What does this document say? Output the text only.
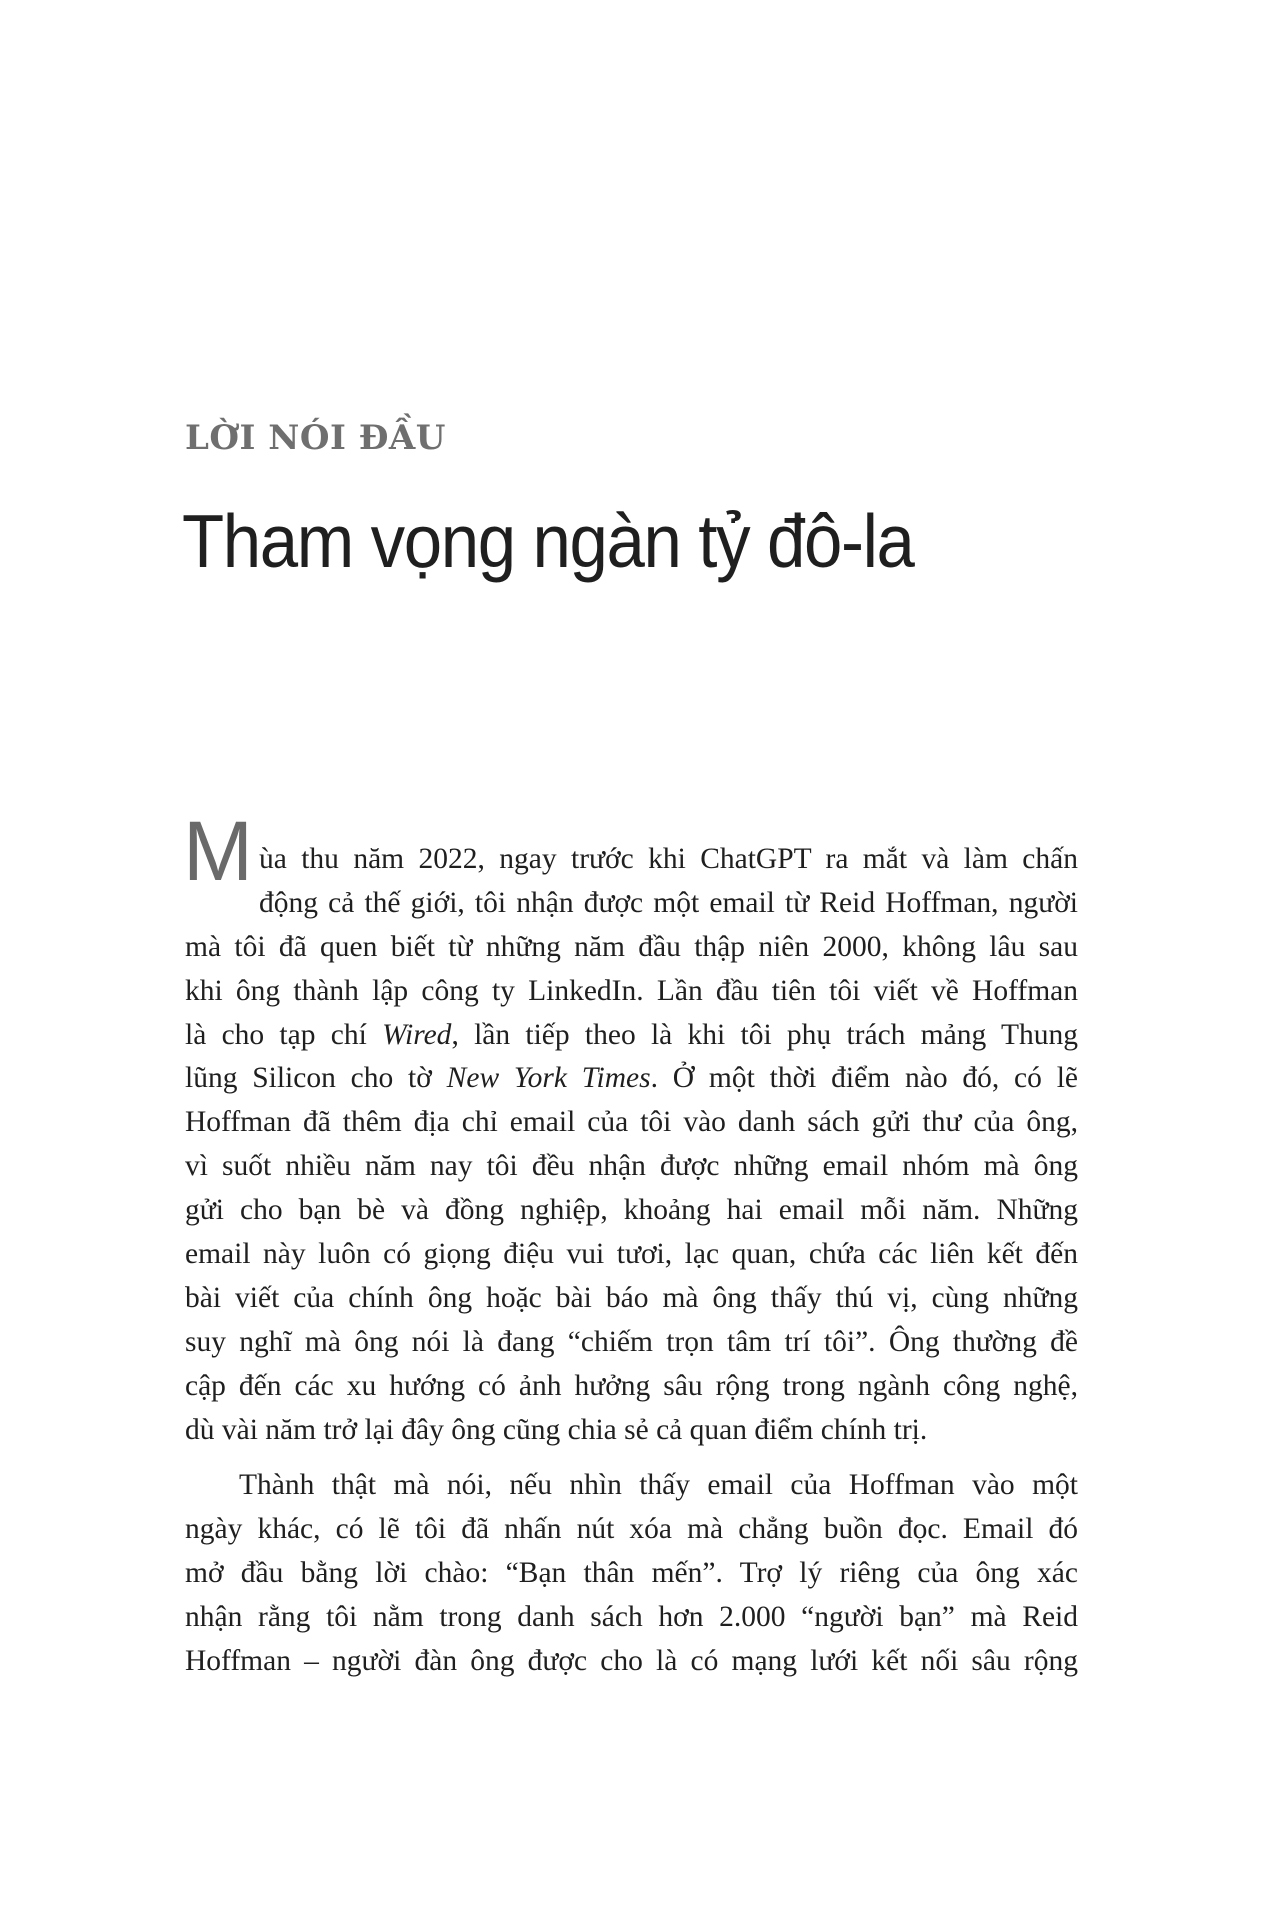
LỜI NÓI ĐẦU
Tham vọng ngàn tỷ đô-la
M ùa thu năm 2022, ngay trước khi ChatGPT ra mắt và làm chấn
động cả thế giới, tôi nhận được một email từ Reid Hoffman, người
mà tôi đã quen biết từ những năm đầu thập niên 2000, không lâu sau
khi ông thành lập công ty LinkedIn. Lần đầu tiên tôi viết về Hoffman
là cho tạp chí Wired, lần tiếp theo là khi tôi phụ trách mảng Thung
lũng Silicon cho tờ New York Times. Ở một thời điểm nào đó, có lẽ
Hoffman đã thêm địa chỉ email của tôi vào danh sách gửi thư của ông,
vì suốt nhiều năm nay tôi đều nhận được những email nhóm mà ông
gửi cho bạn bè và đồng nghiệp, khoảng hai email mỗi năm. Những
email này luôn có giọng điệu vui tươi, lạc quan, chứa các liên kết đến
bài viết của chính ông hoặc bài báo mà ông thấy thú vị, cùng những
suy nghĩ mà ông nói là đang “chiếm trọn tâm trí tôi”. Ông thường đề
cập đến các xu hướng có ảnh hưởng sâu rộng trong ngành công nghệ,
dù vài năm trở lại đây ông cũng chia sẻ cả quan điểm chính trị.
Thành thật mà nói, nếu nhìn thấy email của Hoffman vào một
ngày khác, có lẽ tôi đã nhấn nút xóa mà chẳng buồn đọc. Email đó
mở đầu bằng lời chào: “Bạn thân mến”. Trợ lý riêng của ông xác
nhận rằng tôi nằm trong danh sách hơn 2.000 “người bạn” mà Reid
Hoffman – người đàn ông được cho là có mạng lưới kết nối sâu rộng
